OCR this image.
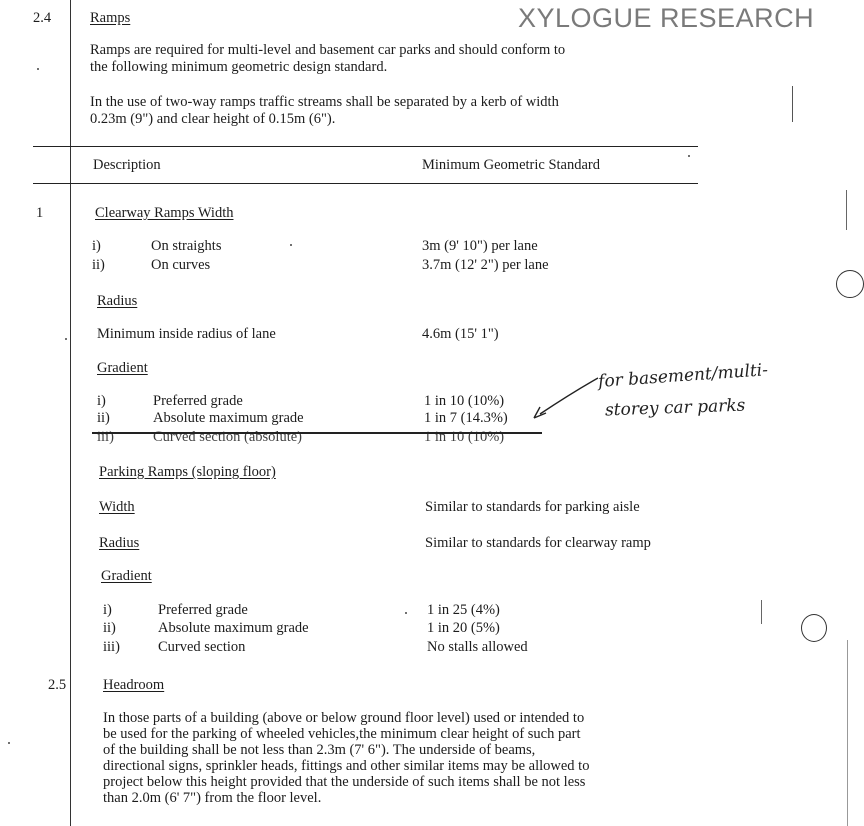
XYLOGUE RESEARCH
2.4	Ramps
Ramps are required for multi-level and basement car parks and should conform to
the following minimum geometric design standard.
In the use of two-way ramps traffic streams shall be separated by a kerb of width
0.23m (9") and clear height of 0.15m (6").
Description	Minimum Geometric Standard
1	Clearway Ramps Width
i)	On straights	3m (9' 10") per lane
ii)	On curves	3.7m (12' 2") per lane
Radius
Minimum inside radius of lane	4.6m (15' 1")
Gradient
i)	Preferred grade	1 in 10 (10%)
ii)	Absolute maximum grade	1 in 7 (14.3%)
iii)	Curved section (absolute)	1 in 10 (10%)
for basement/multi-
storey car parks
Parking Ramps (sloping floor)
Width	Similar to standards for parking aisle
Radius	Similar to standards for clearway ramp
Gradient
i)	Preferred grade	1 in 25 (4%)
ii)	Absolute maximum grade	1 in 20 (5%)
iii)	Curved section	No stalls allowed
2.5	Headroom
In those parts of a building (above or below ground floor level) used or intended to
be used for the parking of wheeled vehicles,the minimum clear height of such part
of the building shall be not less than 2.3m (7' 6"). The underside of beams,
directional signs, sprinkler heads, fittings and other similar items may be allowed to
project below this height provided that the underside of such items shall be not less
than 2.0m (6' 7") from the floor level.
